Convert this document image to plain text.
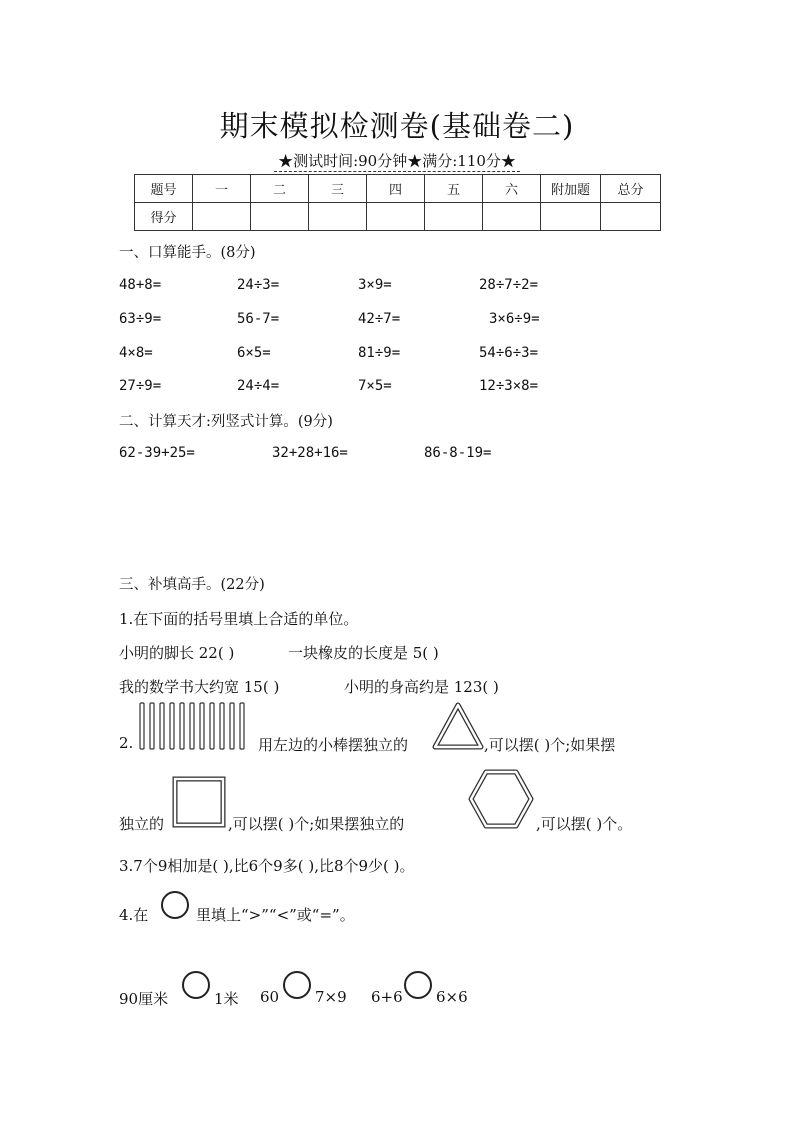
期末模拟检测卷(基础卷二)
★测试时间:90分钟★满分:110分★
题号	一	二	三	四	五	六	附加题	总分
得分								
一、口算能手。(8分)
48+8=	24÷3=	3×9=	28÷7÷2=
63÷9=	56-7=	42÷7=	3×6÷9=
4×8=	6×5=	81÷9=	54÷6÷3=
27÷9=	24÷4=	7×5=	12÷3×8=
二、计算天才:列竖式计算。(9分)
62-39+25=	32+28+16=	86-8-19=
三、补填高手。(22分)
1.在下面的括号里填上合适的单位。
小明的脚长 22( )	一块橡皮的长度是 5( )
我的数学书大约宽 15( )	小明的身高约是 123( )
2.	用左边的小棒摆独立的	,可以摆( )个;如果摆
独立的	,可以摆( )个;如果摆独立的	,可以摆( )个。
3.7个9相加是( ),比6个9多( ),比8个9少( )。
4.在	里填上“>”“<”或“=”。
90厘米	1米 60 7×9 6+6 6×6
